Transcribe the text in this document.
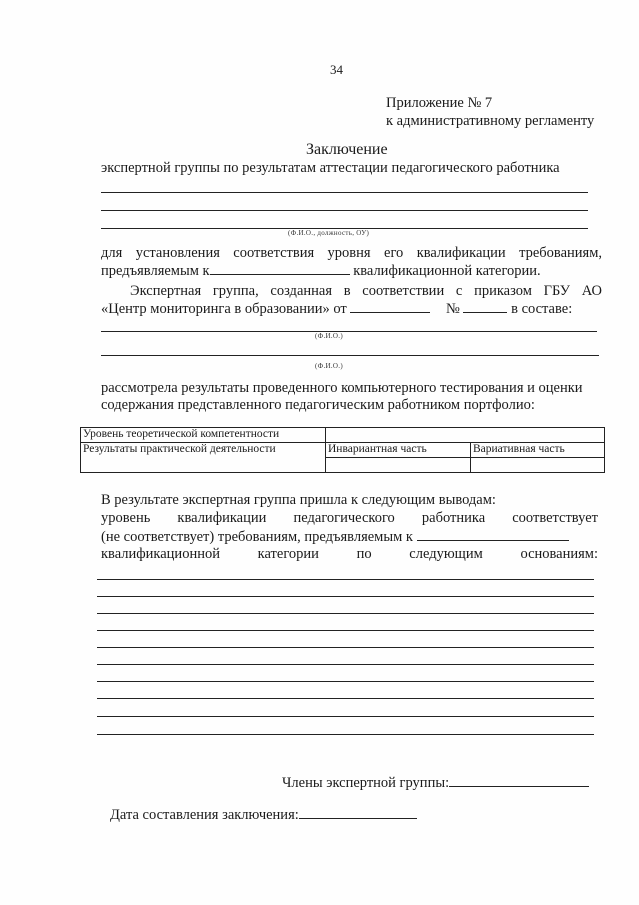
34
Приложение № 7
к административному регламенту
Заключение
экспертной группы по результатам аттестации педагогического работника
(Ф.И.О., должность, ОУ)
для установления соответствия уровня его квалификации требованиям,
предъявляемым к	квалификационной категории.
Экспертная группа, созданная в соответствии с приказом ГБУ АО
«Центр мониторинга в образовании» от	№	в составе:
(Ф.И.О.)
(Ф.И.О.)
рассмотрела результаты проведенного компьютерного тестирования и оценки
содержания представленного педагогическим работником портфолио:
Уровень теоретической компетентности		
Результаты практической деятельности	Инвариантная часть	Вариативная часть

В результате экспертная группа пришла к следующим выводам:
уровень квалификации педагогического работника соответствует
(не соответствует) требованиям, предъявляемым к
квалификационной категории по следующим основаниям:
Члены экспертной группы:
Дата составления заключения:
